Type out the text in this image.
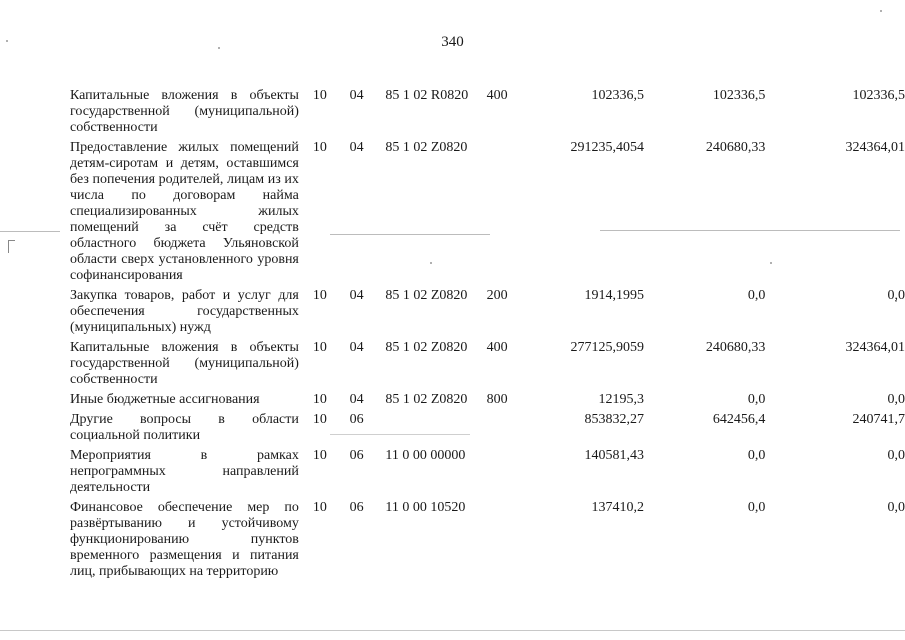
340
Капитальные вложения в объекты государственной (муниципальной) собственности	10	04	85 1 02 R0820	400	102336,5	102336,5	102336,5
Предоставление жилых помещений детям-сиротам и детям, оставшимся без попечения родителей, лицам из их числа по договорам найма специализированных жилых помещений за счёт средств областного бюджета Ульяновской области сверх установленного уровня софинансирования	10	04	85 1 02 Z0820		291235,4054	240680,33	324364,01
Закупка товаров, работ и услуг для обеспечения государственных (муниципальных) нужд	10	04	85 1 02 Z0820	200	1914,1995	0,0	0,0
Капитальные вложения в объекты государственной (муниципальной) собственности	10	04	85 1 02 Z0820	400	277125,9059	240680,33	324364,01
Иные бюджетные ассигнования	10	04	85 1 02 Z0820	800	12195,3	0,0	0,0
Другие вопросы в области социальной политики	10	06			853832,27	642456,4	240741,7
Мероприятия в рамках непрограммных направлений деятельности	10	06	11 0 00 00000		140581,43	0,0	0,0
Финансовое обеспечение мер по развёртыванию и устойчивому функционированию пунктов временного размещения и питания лиц, прибывающих на территорию	10	06	11 0 00 10520		137410,2	0,0	0,0
